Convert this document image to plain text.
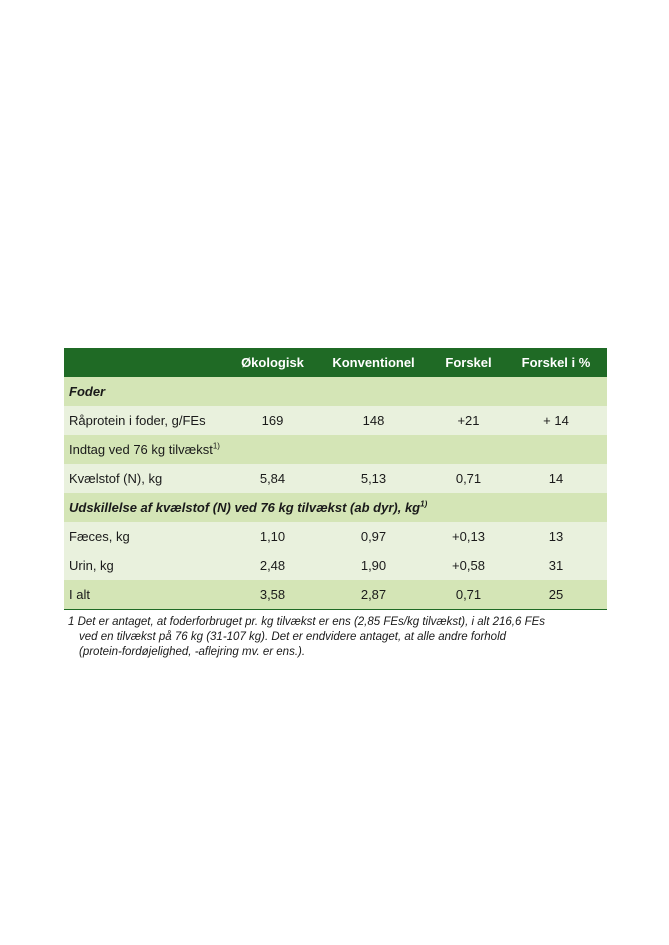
	Økologisk	Konventionel	Forskel	Forskel i %
Foder				
Råprotein i foder, g/FEs	169	148	+21	+ 14
Indtag ved 76 kg tilvækst$^{1)}$
Kvælstof (N), kg	5,84	5,13	0,71	14
Udskillelse af kvælstof (N) ved 76 kg tilvækst (ab dyr), $kg^{1)}$
Fæces, kg	1,10	0,97	+0,13	13
Urin, kg	2,48	1,90	+0,58	31
I alt	3,58	2,87	0,71	25

1 Det er antaget, at foderforbruget pr. kg tilvækst er ens (2,85 FEs/kg tilvækst), i alt 216,6 FEs
ved en tilvækst på 76 kg (31-107 kg). Det er endvidere antaget, at alle andre forhold
(protein-fordøjelighed, -aflejring mv. er ens.).
